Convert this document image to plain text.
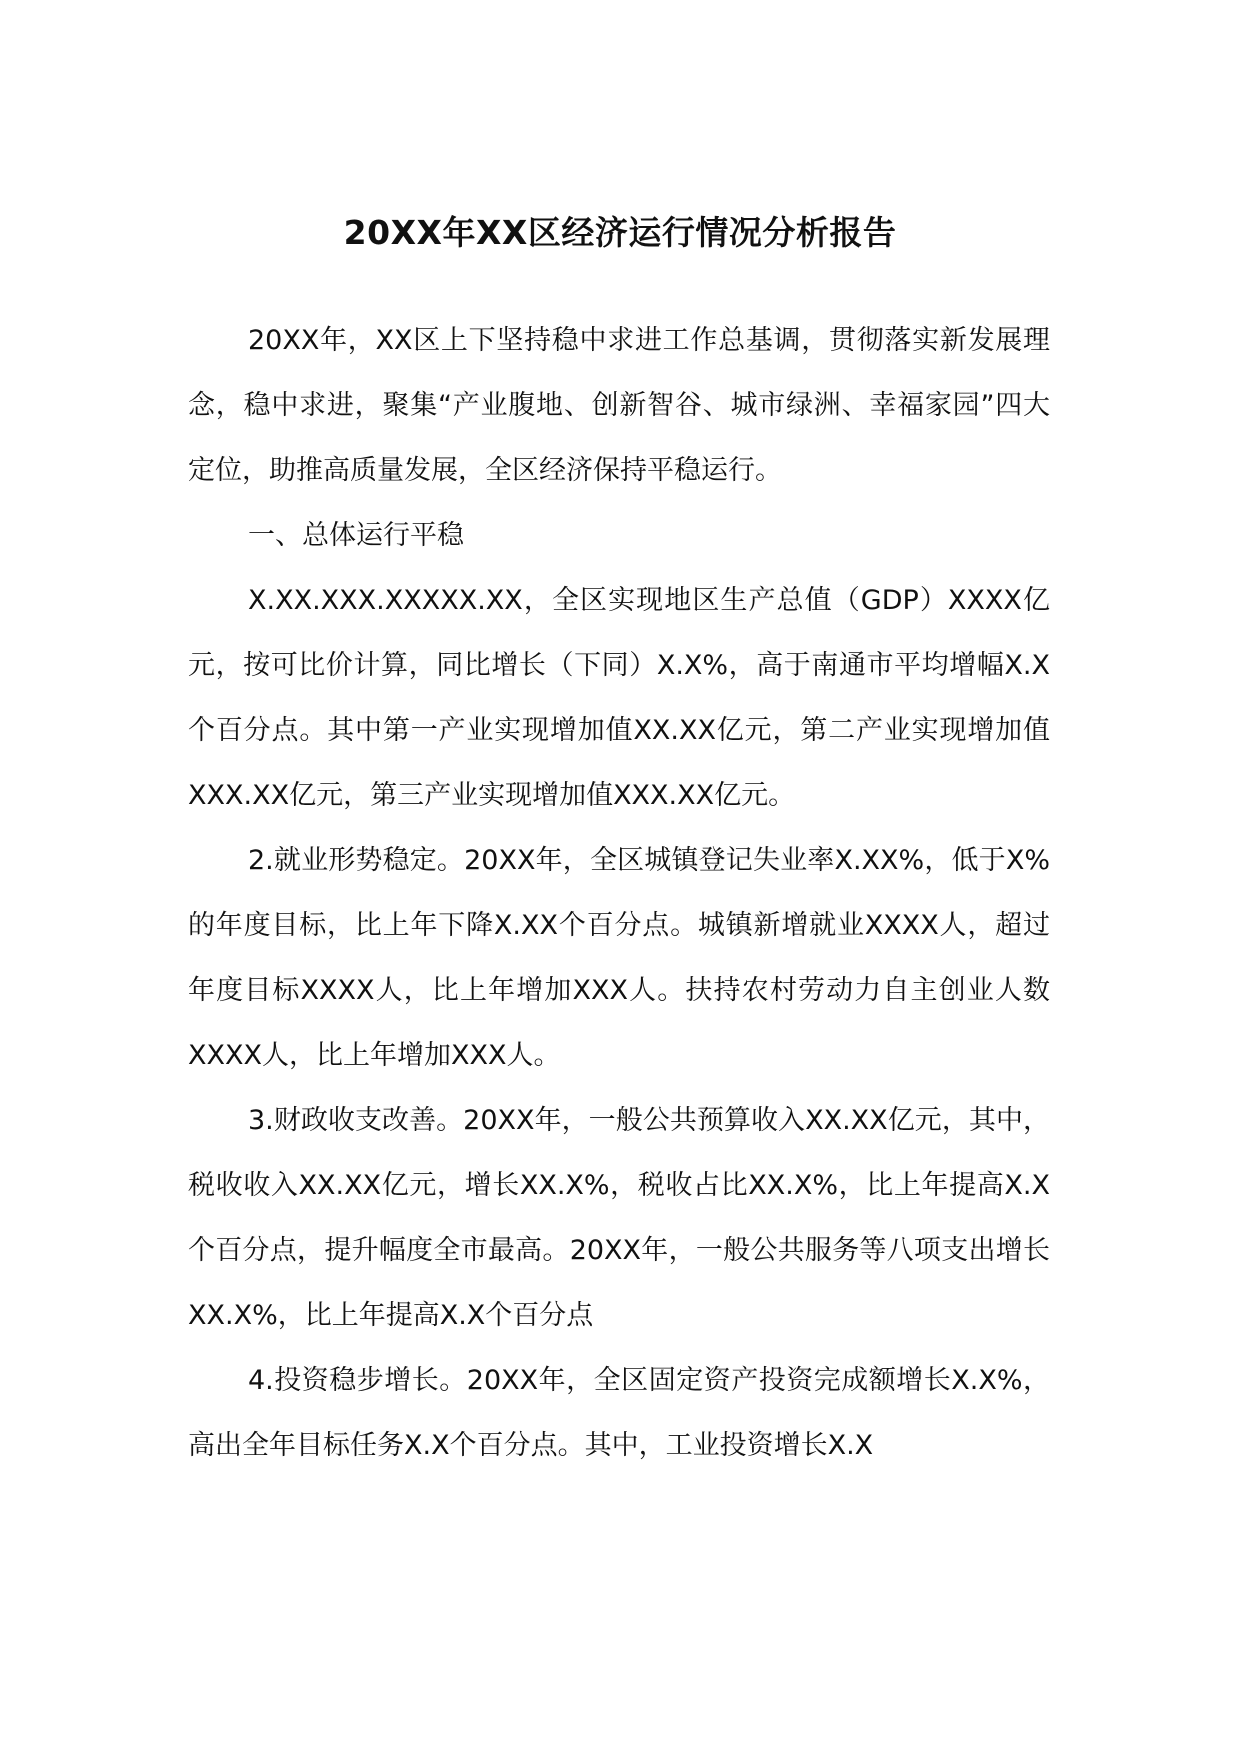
20XX年XX区经济运行情况分析报告

20XX年，XX区上下坚持稳中求进工作总基调，贯彻落实新发展理念，稳中求进，聚集“产业腹地、创新智谷、城市绿洲、幸福家园”四大定位，助推高质量发展，全区经济保持平稳运行。

一、总体运行平稳

X.XX.XXX.XXXXX.XX，全区实现地区生产总值（GDP）XXXX亿元，按可比价计算，同比增长（下同）X.X%，高于南通市平均增幅X.X个百分点。其中第一产业实现增加值XX.XX亿元，第二产业实现增加值XXX.XX亿元，第三产业实现增加值XXX.XX亿元。

2.就业形势稳定。20XX年，全区城镇登记失业率X.XX%，低于X%的年度目标，比上年下降X.XX个百分点。城镇新增就业XXXX人，超过年度目标XXXX人，比上年增加XXX人。扶持农村劳动力自主创业人数XXXX人，比上年增加XXX人。

3.财政收支改善。20XX年，一般公共预算收入XX.XX亿元，其中，税收收入XX.XX亿元，增长XX.X%，税收占比XX.X%，比上年提高X.X个百分点，提升幅度全市最高。20XX年，一般公共服务等八项支出增长XX.X%，比上年提高X.X个百分点

4.投资稳步增长。20XX年，全区固定资产投资完成额增长X.X%，高出全年目标任务X.X个百分点。其中，工业投资增长X.X
